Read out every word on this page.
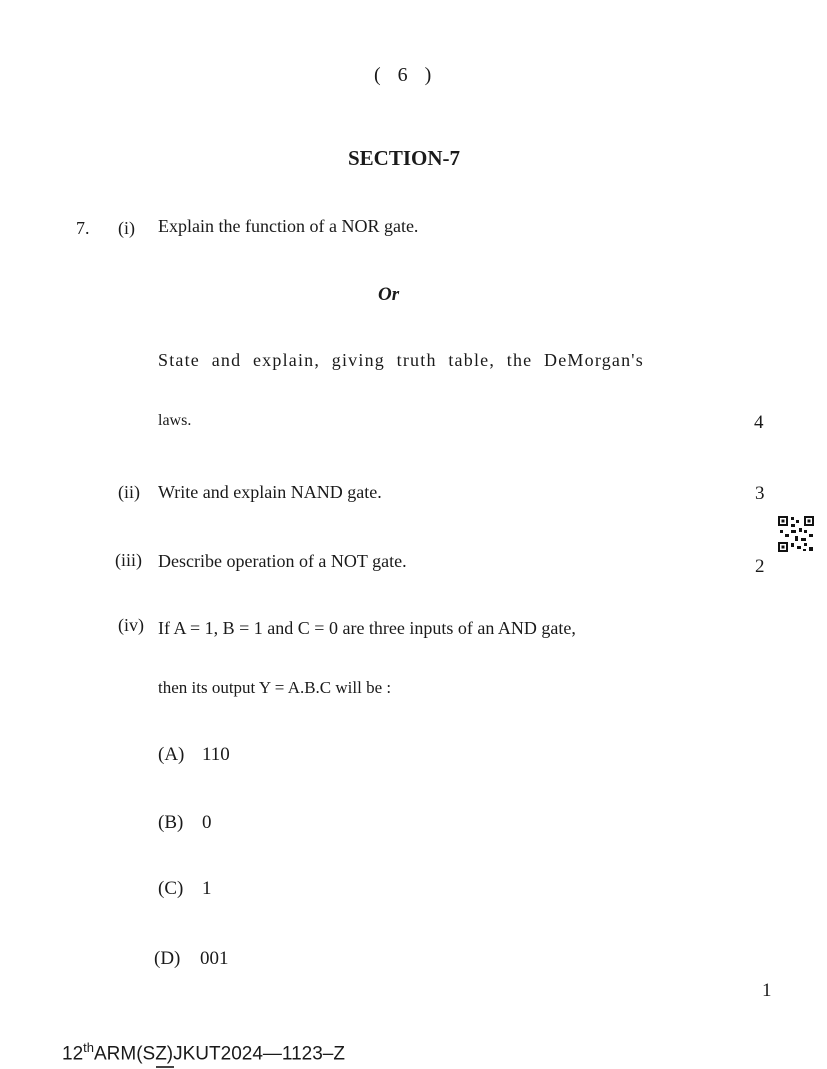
( 6 )
SECTION-7
7. (i) Explain the function of a NOR gate.
Or
State and explain, giving truth table, the DeMorgan's
laws.	4
(ii) Write and explain NAND gate.	3
(iii) Describe operation of a NOT gate.	2
(iv) If A = 1, B = 1 and C = 0 are three inputs of an AND gate,
then its output Y = A.B.C will be :
(A) 110
(B) 0
(C) 1
(D) 001
1
12thARM(SZ)JKUT2024—1123–Z
